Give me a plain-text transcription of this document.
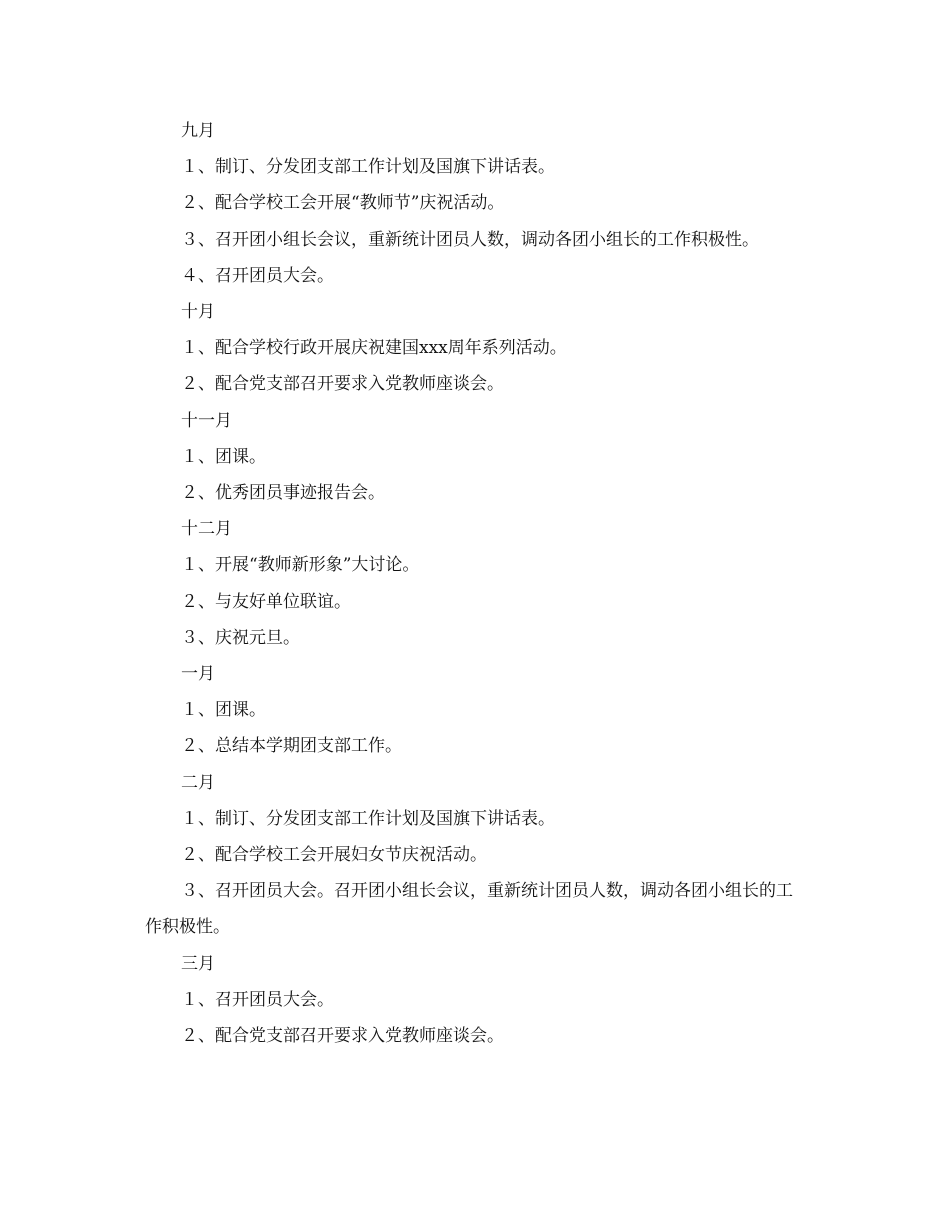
九月

１、制订、分发团支部工作计划及国旗下讲话表。

２、配合学校工会开展“教师节”庆祝活动。

３、召开团小组长会议，重新统计团员人数，调动各团小组长的工作积极性。

４、召开团员大会。

十月

１、配合学校行政开展庆祝建国xxx周年系列活动。

２、配合党支部召开要求入党教师座谈会。

十一月

１、团课。

２、优秀团员事迹报告会。

十二月

１、开展“教师新形象”大讨论。

２、与友好单位联谊。

３、庆祝元旦。

一月

１、团课。

２、总结本学期团支部工作。

二月

１、制订、分发团支部工作计划及国旗下讲话表。

２、配合学校工会开展妇女节庆祝活动。

３、召开团员大会。召开团小组长会议，重新统计团员人数，调动各团小组长的工作积极性。

三月

１、召开团员大会。

２、配合党支部召开要求入党教师座谈会。
